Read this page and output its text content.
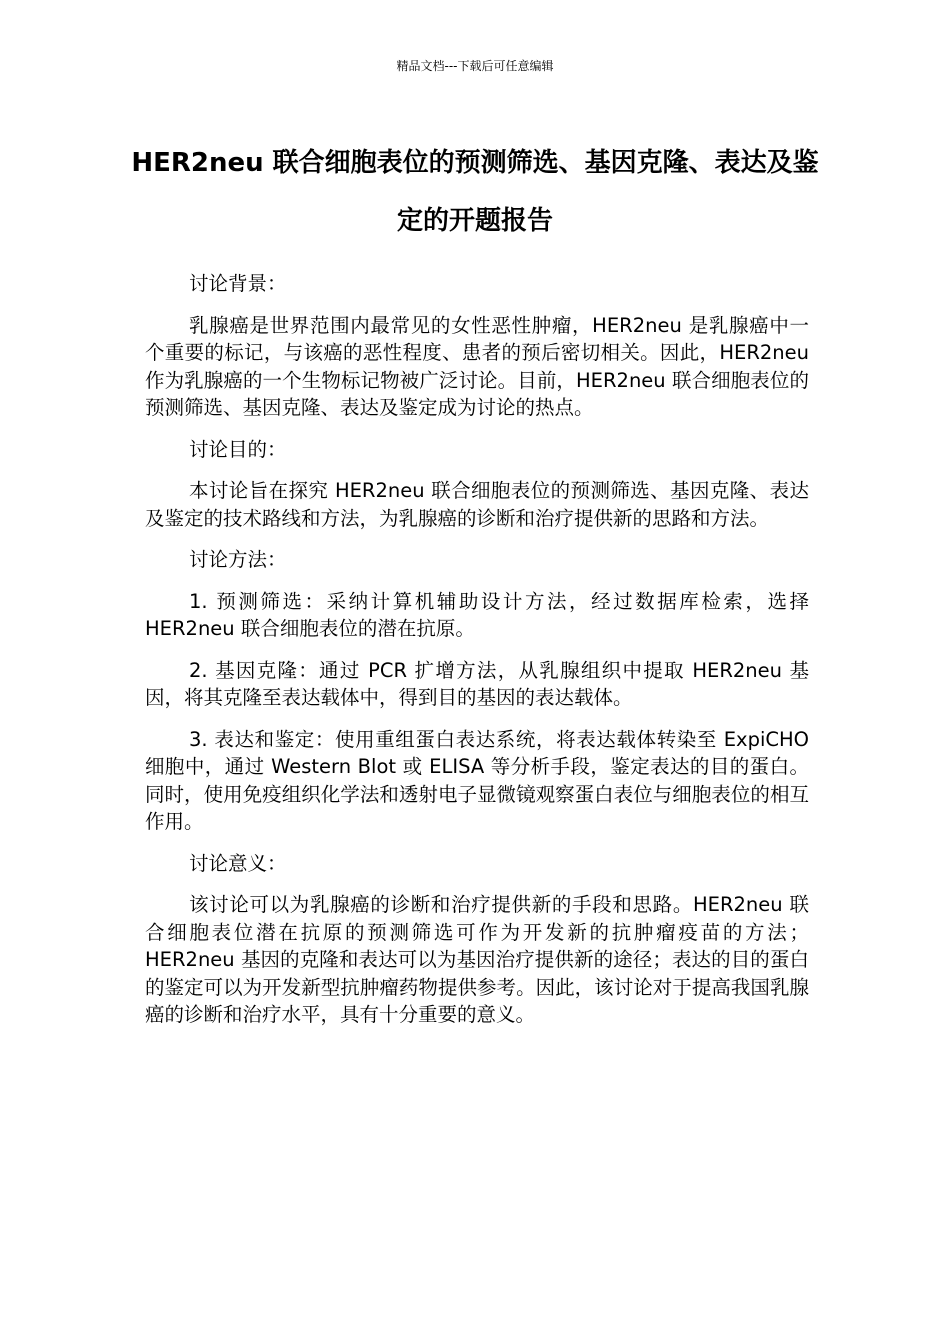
精品文档---下载后可任意编辑
HER2neu 联合细胞表位的预测筛选、基因克隆、表达及鉴定的开题报告

讨论背景：

乳腺癌是世界范围内最常见的女性恶性肿瘤，HER2neu 是乳腺癌中一个重要的标记，与该癌的恶性程度、患者的预后密切相关。因此，HER2neu 作为乳腺癌的一个生物标记物被广泛讨论。目前，HER2neu 联合细胞表位的预测筛选、基因克隆、表达及鉴定成为讨论的热点。

讨论目的：

本讨论旨在探究 HER2neu 联合细胞表位的预测筛选、基因克隆、表达及鉴定的技术路线和方法，为乳腺癌的诊断和治疗提供新的思路和方法。

讨论方法：

1. 预测筛选：采纳计算机辅助设计方法，经过数据库检索，选择 HER2neu 联合细胞表位的潜在抗原。

2. 基因克隆：通过 PCR 扩增方法，从乳腺组织中提取 HER2neu 基因，将其克隆至表达载体中，得到目的基因的表达载体。

3. 表达和鉴定：使用重组蛋白表达系统，将表达载体转染至 ExpiCHO 细胞中，通过 Western Blot 或 ELISA 等分析手段，鉴定表达的目的蛋白。同时，使用免疫组织化学法和透射电子显微镜观察蛋白表位与细胞表位的相互作用。

讨论意义：

该讨论可以为乳腺癌的诊断和治疗提供新的手段和思路。HER2neu 联合细胞表位潜在抗原的预测筛选可作为开发新的抗肿瘤疫苗的方法；HER2neu 基因的克隆和表达可以为基因治疗提供新的途径；表达的目的蛋白的鉴定可以为开发新型抗肿瘤药物提供参考。因此，该讨论对于提高我国乳腺癌的诊断和治疗水平，具有十分重要的意义。
